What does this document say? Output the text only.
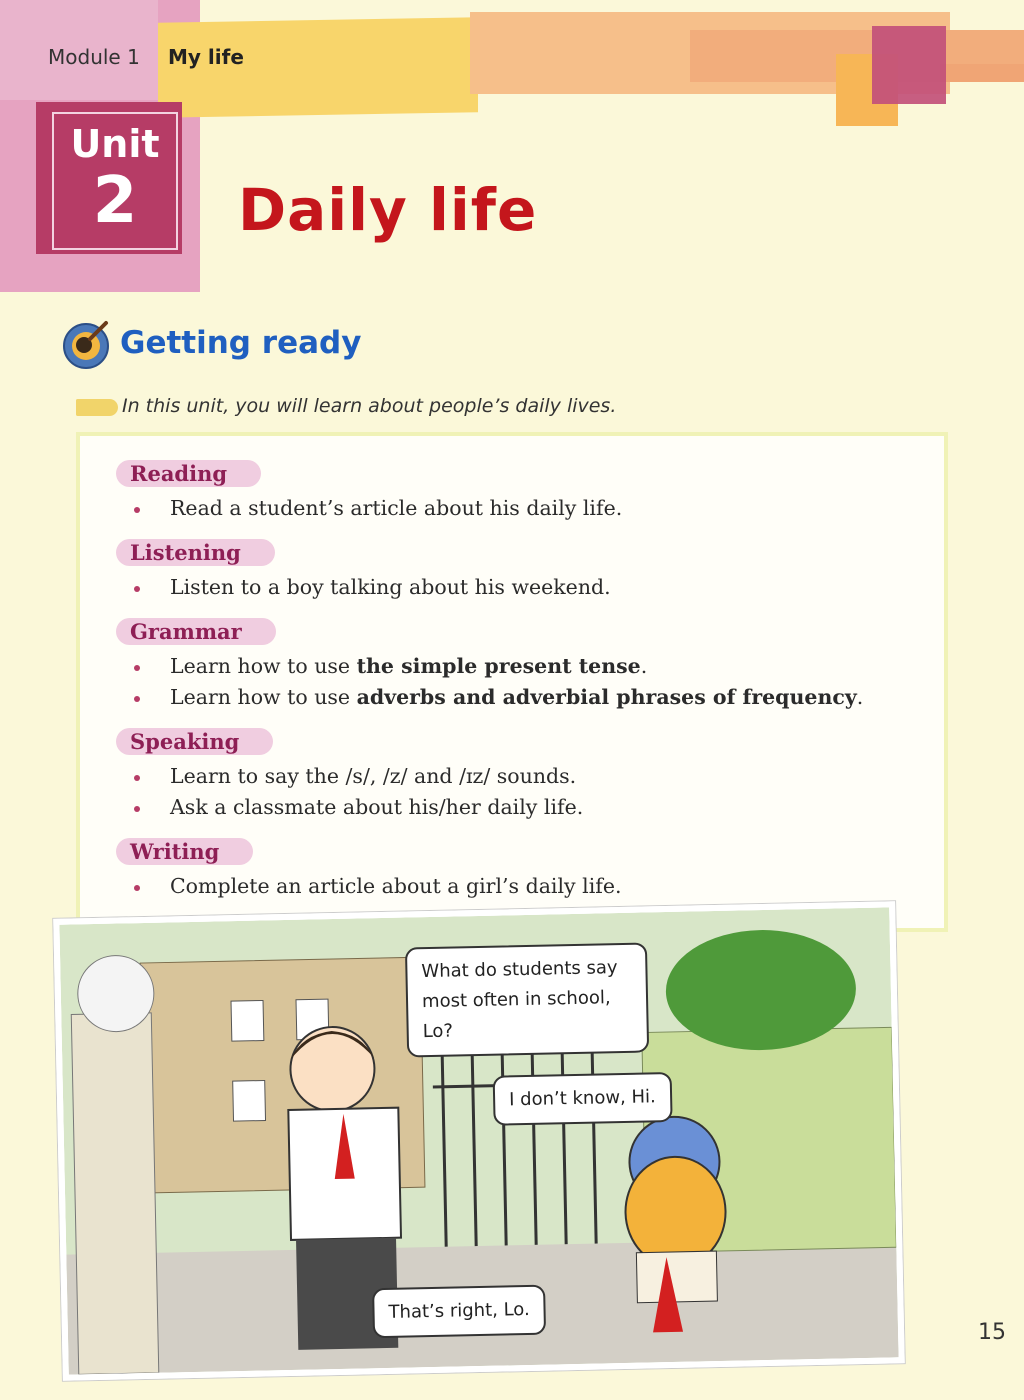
Module 1 My life
Unit
2	Daily life
Getting ready
In this unit, you will learn about people’s daily lives.
Reading
Read a student’s article about his daily life.
Listening
Listen to a boy talking about his weekend.
Grammar
Learn how to use the simple present tense.
Learn how to use adverbs and adverbial phrases of frequency.
Speaking
Learn to say the /s/, /z/ and /ɪz/ sounds.
Ask a classmate about his/her daily life.
Writing
Complete an article about a girl’s daily life.
What do students say most often in school, Lo?
I don’t know, Hi.
That’s right, Lo.
15
